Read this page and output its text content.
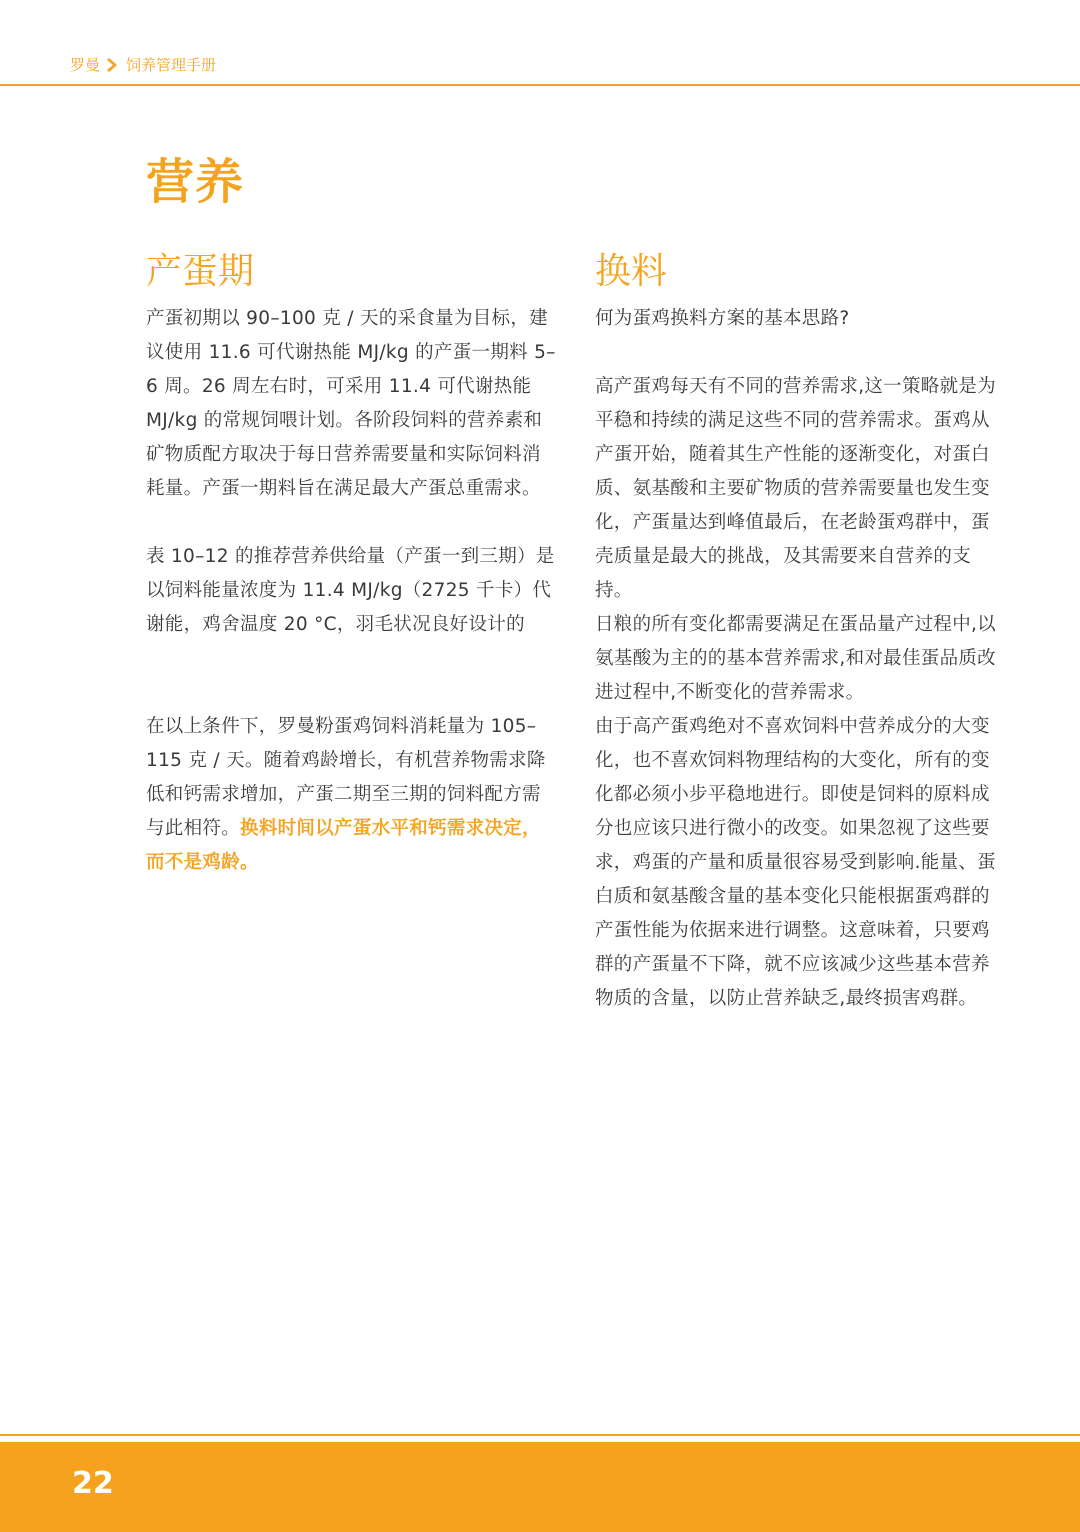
罗曼 饲养管理手册
营养
产蛋期

产蛋初期以 90–100 克 / 天的采食量为目标，建议使用 11.6 可代谢热能 MJ/kg 的产蛋一期料 5–6 周。26 周左右时，可采用 11.4 可代谢热能 MJ/kg 的常规饲喂计划。各阶段饲料的营养素和矿物质配方取决于每日营养需要量和实际饲料消耗量。产蛋一期料旨在满足最大产蛋总重需求。

表 10–12 的推荐营养供给量（产蛋一到三期）是以饲料能量浓度为 11.4 MJ/kg（2725 千卡）代谢能，鸡舍温度 20 °C，羽毛状况良好设计的

在以上条件下，罗曼粉蛋鸡饲料消耗量为 105–115 克 / 天。随着鸡龄增长，有机营养物需求降低和钙需求增加，产蛋二期至三期的饲料配方需与此相符。换料时间以产蛋水平和钙需求决定，而不是鸡龄。

换料

何为蛋鸡换料方案的基本思路?

高产蛋鸡每天有不同的营养需求,这一策略就是为平稳和持续的满足这些不同的营养需求。蛋鸡从产蛋开始，随着其生产性能的逐渐变化，对蛋白质、氨基酸和主要矿物质的营养需要量也发生变化，产蛋量达到峰值最后，在老龄蛋鸡群中，蛋壳质量是最大的挑战，及其需要来自营养的支持。

日粮的所有变化都需要满足在蛋品量产过程中,以氨基酸为主的的基本营养需求,和对最佳蛋品质改进过程中,不断变化的营养需求。

由于高产蛋鸡绝对不喜欢饲料中营养成分的大变化，也不喜欢饲料物理结构的大变化，所有的变化都必须小步平稳地进行。即使是饲料的原料成分也应该只进行微小的改变。如果忽视了这些要求，鸡蛋的产量和质量很容易受到影响.能量、蛋白质和氨基酸含量的基本变化只能根据蛋鸡群的产蛋性能为依据来进行调整。这意味着，只要鸡群的产蛋量不下降，就不应该减少这些基本营养物质的含量，以防止营养缺乏,最终损害鸡群。

22
